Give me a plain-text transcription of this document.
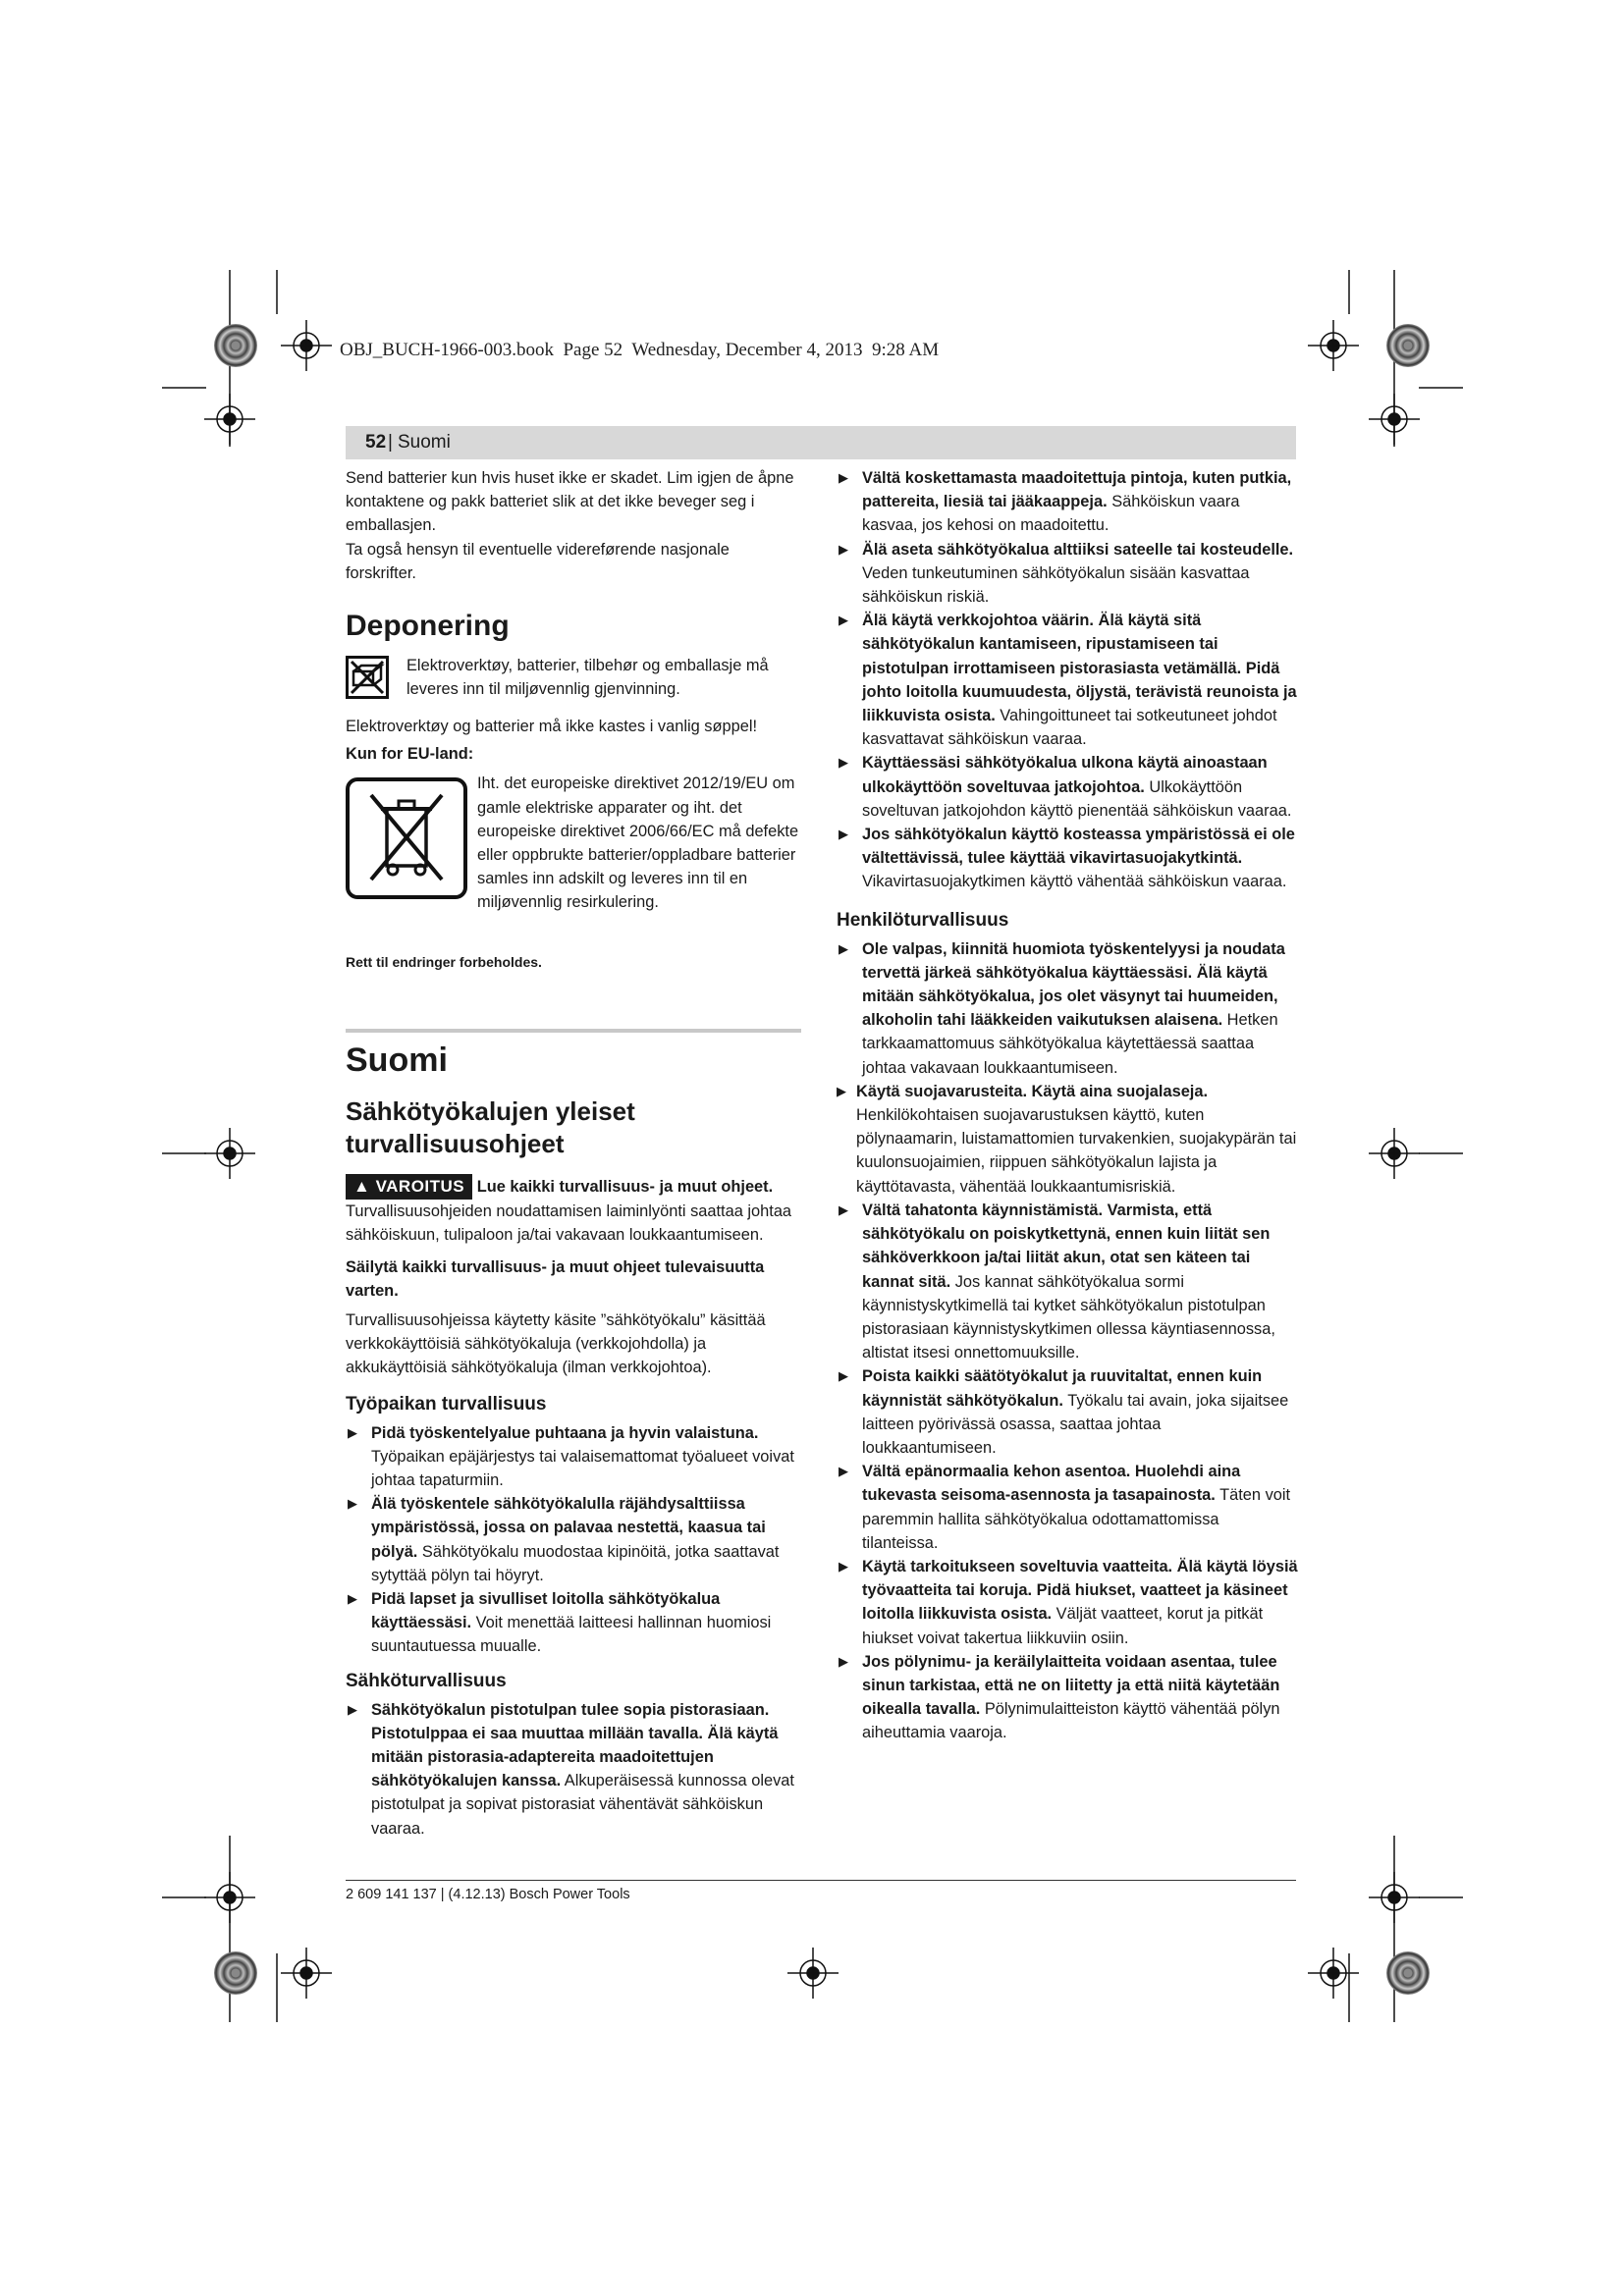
OBJ_BUCH-1966-003.book  Page 52  Wednesday, December 4, 2013  9:28 AM
52 | Suomi

Send batterier kun hvis huset ikke er skadet. Lim igjen de åpne kontaktene og pakk batteriet slik at det ikke beveger seg i emballasjen.

Ta også hensyn til eventuelle videreførende nasjonale forskrifter.

Deponering

Elektroverktøy, batterier, tilbehør og emballasje må leveres inn til miljøvennlig gjenvinning.

Elektroverktøy og batterier må ikke kastes i vanlig søppel!

Kun for EU-land:

Iht. det europeiske direktivet 2012/19/EU om gamle elektriske apparater og iht. det europeiske direktivet 2006/66/EC må defekte eller oppbrukte batterier/oppladbare batterier samles inn adskilt og leveres inn til en miljøvennlig resirkulering.

Rett til endringer forbeholdes.

Suomi
Sähkötyökalujen yleiset turvallisuusohjeet

▲ VAROITUS Lue kaikki turvallisuus- ja muut ohjeet. Turvallisuusohjeiden noudattamisen laiminlyönti saattaa johtaa sähköiskuun, tulipaloon ja/tai vakavaan loukkaantumiseen.

Säilytä kaikki turvallisuus- ja muut ohjeet tulevaisuutta varten.

Turvallisuusohjeissa käytetty käsite ”sähkötyökalu” käsittää verkkokäyttöisiä sähkötyökaluja (verkkojohdolla) ja akkukäyttöisiä sähkötyökaluja (ilman verkkojohtoa).

Työpaikan turvallisuus

▶ Pidä työskentelyalue puhtaana ja hyvin valaistuna. Työpaikan epäjärjestys tai valaisemattomat työalueet voivat johtaa tapaturmiin.

▶ Älä työskentele sähkötyökalulla räjähdysalttiissa ympäristössä, jossa on palavaa nestettä, kaasua tai pölyä. Sähkötyökalu muodostaa kipinöitä, jotka saattavat sytyttää pölyn tai höyryt.

▶ Pidä lapset ja sivulliset loitolla sähkötyökalua käyttäessäsi. Voit menettää laitteesi hallinnan huomiosi suuntautuessa muualle.

Sähköturvallisuus

▶ Sähkötyökalun pistotulpan tulee sopia pistorasiaan. Pistotulppaa ei saa muuttaa millään tavalla. Älä käytä mitään pistorasia-adaptereita maadoitettujen sähkötyökalujen kanssa. Alkuperäisessä kunnossa olevat pistotulpat ja sopivat pistorasiat vähentävät sähköiskun vaaraa.

▶ Vältä koskettamasta maadoitettuja pintoja, kuten putkia, pattereita, liesiä tai jääkaappeja. Sähköiskun vaara kasvaa, jos kehosi on maadoitettu.

▶ Älä aseta sähkötyökalua alttiiksi sateelle tai kosteudelle. Veden tunkeutuminen sähkötyökalun sisään kasvattaa sähköiskun riskiä.

▶ Älä käytä verkkojohtoa väärin. Älä käytä sitä sähkötyökalun kantamiseen, ripustamiseen tai pistotulpan irrottamiseen pistorasiasta vetämällä. Pidä johto loitolla kuumuudesta, öljystä, terävistä reunoista ja liikkuvista osista. Vahingoittuneet tai sotkeutuneet johdot kasvattavat sähköiskun vaaraa.

▶ Käyttäessäsi sähkötyökalua ulkona käytä ainoastaan ulkokäyttöön soveltuvaa jatkojohtoa. Ulkokäyttöön soveltuvan jatkojohdon käyttö pienentää sähköiskun vaaraa.

▶ Jos sähkötyökalun käyttö kosteassa ympäristössä ei ole vältettävissä, tulee käyttää vikavirtasuojakytkintä. Vikavirtasuojakytkimen käyttö vähentää sähköiskun vaaraa.

Henkilöturvallisuus

▶ Ole valpas, kiinnitä huomiota työskentelyysi ja noudata tervettä järkeä sähkötyökalua käyttäessäsi. Älä käytä mitään sähkötyökalua, jos olet väsynyt tai huumeiden, alkoholin tahi lääkkeiden vaikutuksen alaisena. Hetken tarkkaamattomuus sähkötyökalua käytettäessä saattaa johtaa vakavaan loukkaantumiseen.

▶ Käytä suojavarusteita. Käytä aina suojalaseja. Henkilökohtaisen suojavarustuksen käyttö, kuten pölynaamarin, luistamattomien turvakenkien, suojakypärän tai kuulonsuojaimien, riippuen sähkötyökalun lajista ja käyttötavasta, vähentää loukkaantumisriskiä.

▶ Vältä tahatonta käynnistämistä. Varmista, että sähkötyökalu on poiskytkettynä, ennen kuin liität sen sähköverkkoon ja/tai liität akun, otat sen käteen tai kannat sitä. Jos kannat sähkötyökalua sormi käynnistyskytkimellä tai kytket sähkötyökalun pistotulpan pistorasiaan käynnistyskytkimen ollessa käyntiasennossa, altistat itsesi onnettomuuksille.

▶ Poista kaikki säätötyökalut ja ruuvitaltat, ennen kuin käynnistät sähkötyökalun. Työkalu tai avain, joka sijaitsee laitteen pyörivässä osassa, saattaa johtaa loukkaantumiseen.

▶ Vältä epänormaalia kehon asentoa. Huolehdi aina tukevasta seisoma-asennosta ja tasapainosta. Täten voit paremmin hallita sähkötyökalua odottamattomissa tilanteissa.

▶ Käytä tarkoitukseen soveltuvia vaatteita. Älä käytä löysiä työvaatteita tai koruja. Pidä hiukset, vaatteet ja käsineet loitolla liikkuvista osista. Väljät vaatteet, korut ja pitkät hiukset voivat takertua liikkuviin osiin.

▶ Jos pölynimu- ja keräilylaitteita voidaan asentaa, tulee sinun tarkistaa, että ne on liitetty ja että niitä käytetään oikealla tavalla. Pölynimulaitteiston käyttö vähentää pölyn aiheuttamia vaaroja.

2 609 141 137 | (4.12.13) Bosch Power Tools
